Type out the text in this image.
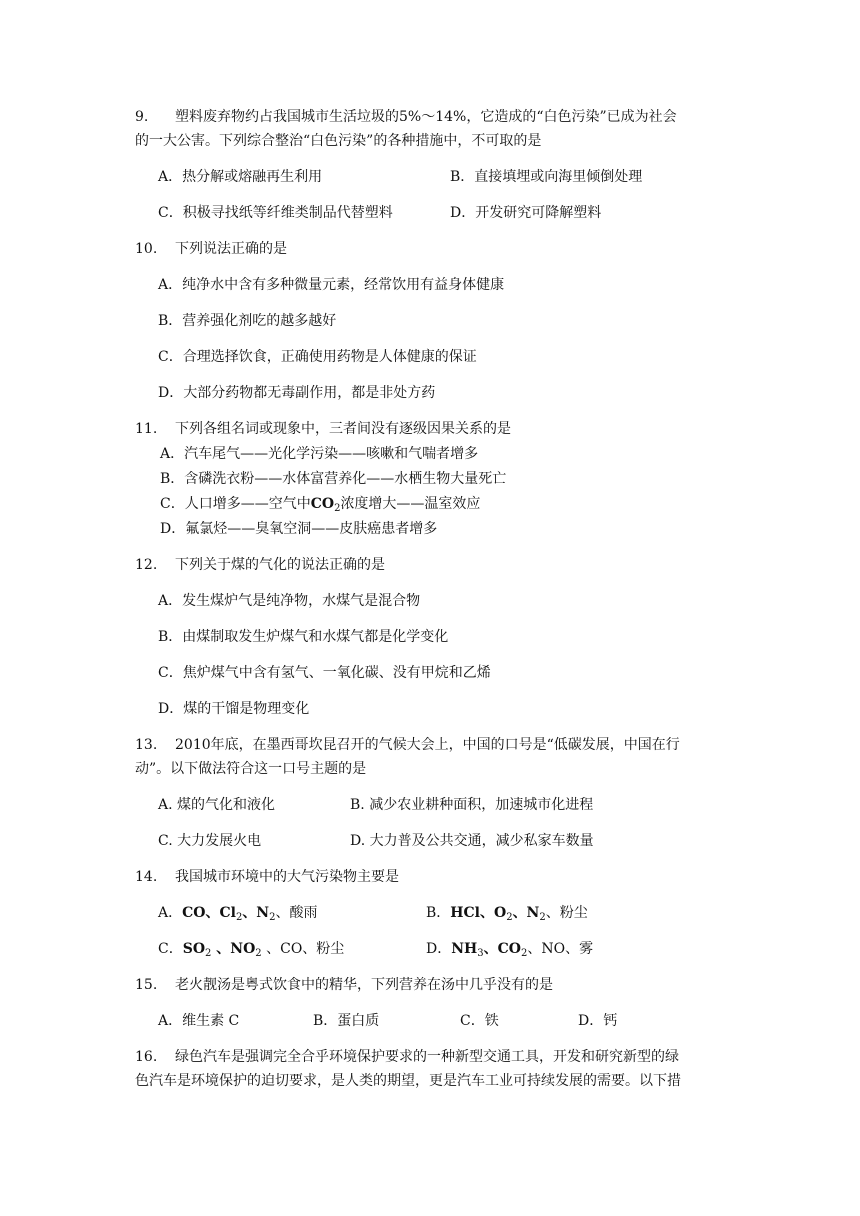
9. 塑料废弃物约占我国城市生活垃圾的5%～14%，它造成的“白色污染”已成为社会
的一大公害。下列综合整治“白色污染”的各种措施中，不可取的是
A．热分解或熔融再生利用	B．直接填埋或向海里倾倒处理
C．积极寻找纸等纤维类制品代替塑料	D．开发研究可降解塑料
10. 下列说法正确的是
A．纯净水中含有多种微量元素，经常饮用有益身体健康
B．营养强化剂吃的越多越好
C．合理选择饮食，正确使用药物是人体健康的保证
D．大部分药物都无毒副作用，都是非处方药
11. 下列各组名词或现象中，三者间没有逐级因果关系的是
A．汽车尾气——光化学污染——咳嗽和气喘者增多
B．含磷洗衣粉——水体富营养化——水栖生物大量死亡
C．人口增多——空气中$CO_2$浓度增大——温室效应
D．氟氯烃——臭氧空洞——皮肤癌患者增多
12. 下列关于煤的气化的说法正确的是
A．发生煤炉气是纯净物，水煤气是混合物
B．由煤制取发生炉煤气和水煤气都是化学变化
C．焦炉煤气中含有氢气、一氧化碳、没有甲烷和乙烯
D．煤的干馏是物理变化
13. 2010年底，在墨西哥坎昆召开的气候大会上，中国的口号是“低碳发展，中国在行
动”。以下做法符合这一口号主题的是
A. 煤的气化和液化	B. 减少农业耕种面积，加速城市化进程
C. 大力发展火电	D. 大力普及公共交通，减少私家车数量
14. 我国城市环境中的大气污染物主要是
A．CO、$Cl_2$、$N_2$、酸雨	B．HCl、$O_2$、$N_2$、粉尘
C．$SO_2$ 、$NO_2$ 、CO、粉尘	D．$NH_3$、$CO_2$、NO、雾
15. 老火靓汤是粤式饮食中的精华，下列营养在汤中几乎没有的是
A．维生素 C	B．蛋白质	C．铁	D．钙
16. 绿色汽车是强调完全合乎环境保护要求的一种新型交通工具，开发和研究新型的绿
色汽车是环境保护的迫切要求，是人类的期望，更是汽车工业可持续发展的需要。以下措
